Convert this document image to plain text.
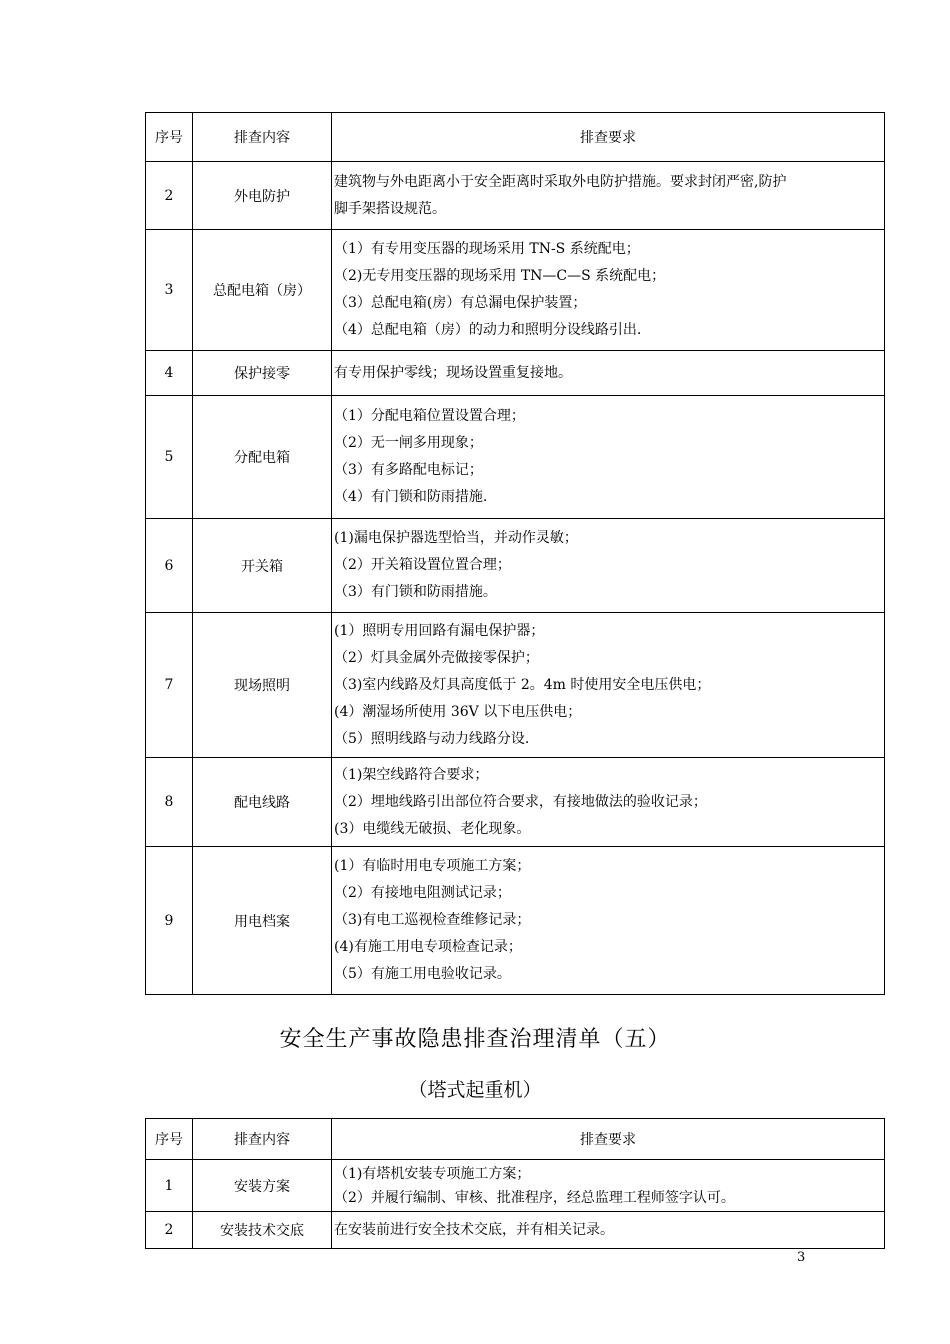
序号	排查内容	排查要求
2	外电防护	建筑物与外电距离小于安全距离时采取外电防护措施。要求封闭严密,防护
脚手架搭设规范。

3	总配电箱（房）	（1）有专用变压器的现场采用 TN-S 系统配电；
（2)无专用变压器的现场采用 TN—C—S 系统配电；
（3）总配电箱(房）有总漏电保护装置；
（4）总配电箱（房）的动力和照明分设线路引出.

4	保护接零	有专用保护零线；现场设置重复接地。

5	分配电箱	（1）分配电箱位置设置合理；
（2）无一闸多用现象；
（3）有多路配电标记；
（4）有门锁和防雨措施.

6	开关箱	(1)漏电保护器选型恰当，并动作灵敏；
（2）开关箱设置位置合理；
（3）有门锁和防雨措施。

7	现场照明	(1）照明专用回路有漏电保护器；
（2）灯具金属外壳做接零保护；
（3)室内线路及灯具高度低于 2。4m 时使用安全电压供电；
(4）潮湿场所使用 36V 以下电压供电；
（5）照明线路与动力线路分设.

8	配电线路	（1)架空线路符合要求；
（2）埋地线路引出部位符合要求，有接地做法的验收记录；
(3）电缆线无破损、老化现象。

9	用电档案	(1）有临时用电专项施工方案；
（2）有接地电阻测试记录；
（3)有电工巡视检查维修记录；
(4)有施工用电专项检查记录；
（5）有施工用电验收记录。
安全生产事故隐患排查治理清单（五）
（塔式起重机）
序号	排查内容	排查要求
1	安装方案	（1)有塔机安装专项施工方案；
（2）并履行编制、审核、批准程序，经总监理工程师签字认可。

2	安装技术交底	在安装前进行安全技术交底，并有相关记录。
3
